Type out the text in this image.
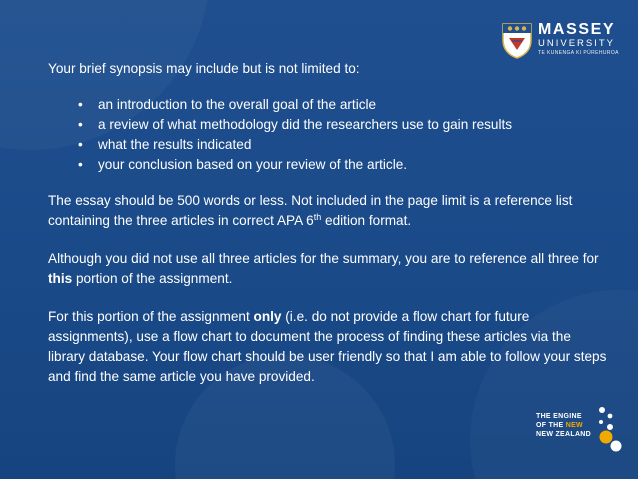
MASSEY
UNIVERSITY
TE KUNENGA KI PŪREHUROA

Your brief synopsis may include but is not limited to:

• an introduction to the overall goal of the article
• a review of what methodology did the researchers use to gain results
• what the results indicated
• your conclusion based on your review of the article.

The essay should be 500 words or less. Not included in the page limit is a reference list containing the three articles in correct APA 6th edition format.

Although you did not use all three articles for the summary, you are to reference all three for this portion of the assignment.

For this portion of the assignment only (i.e. do not provide a flow chart for future assignments), use a flow chart to document the process of finding these articles via the library database. Your flow chart should be user friendly so that I am able to follow your steps and find the same article you have provided.

THE ENGINE
OF THE NEW
NEW ZEALAND
